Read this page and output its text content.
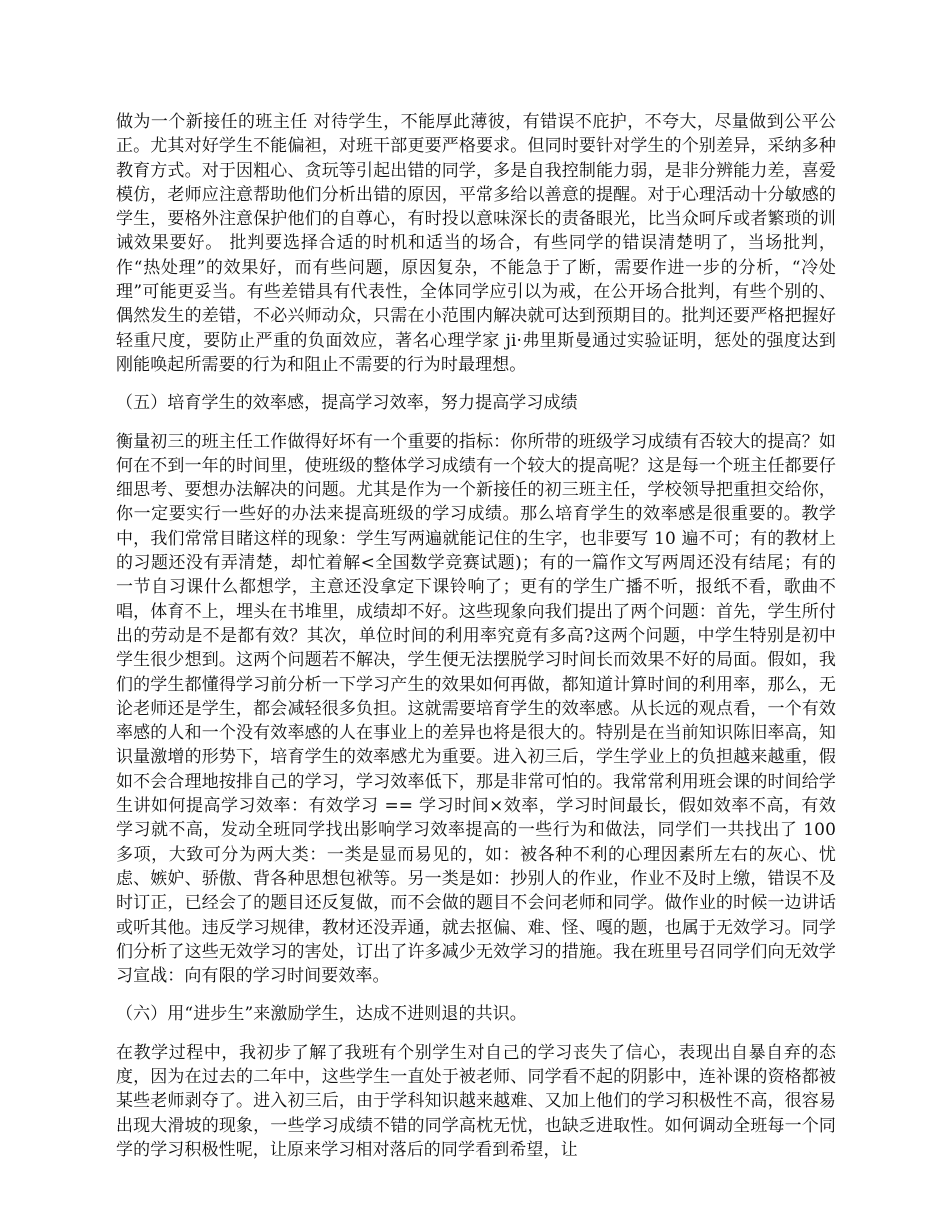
做为一个新接任的班主任 对待学生，不能厚此薄彼，有错误不庇护，不夸大，尽量做到公平公正。尤其对好学生不能偏袒，对班干部更要严格要求。但同时要针对学生的个别差异，采纳多种教育方式。对于因粗心、贪玩等引起出错的同学，多是自我控制能力弱，是非分辨能力差，喜爱模仿，老师应注意帮助他们分析出错的原因，平常多给以善意的提醒。对于心理活动十分敏感的学生，要格外注意保护他们的自尊心，有时投以意味深长的责备眼光，比当众呵斥或者繁琐的训诫效果要好。 批判要选择合适的时机和适当的场合，有些同学的错误清楚明了，当场批判，作“热处理”的效果好，而有些问题，原因复杂，不能急于了断，需要作进一步的分析，“冷处理”可能更妥当。有些差错具有代表性，全体同学应引以为戒，在公开场合批判，有些个别的、偶然发生的差错，不必兴师动众，只需在小范围内解决就可达到预期目的。批判还要严格把握好轻重尺度，要防止严重的负面效应，著名心理学家 ji·弗里斯曼通过实验证明，惩处的强度达到刚能唤起所需要的行为和阻止不需要的行为时最理想。

（五）培育学生的效率感，提高学习效率，努力提高学习成绩

衡量初三的班主任工作做得好坏有一个重要的指标：你所带的班级学习成绩有否较大的提高？如何在不到一年的时间里，使班级的整体学习成绩有一个较大的提高呢？这是每一个班主任都要仔细思考、要想办法解决的问题。尤其是作为一个新接任的初三班主任，学校领导把重担交给你，你一定要实行一些好的办法来提高班级的学习成绩。那么培育学生的效率感是很重要的。教学中，我们常常目睹这样的现象：学生写两遍就能记住的生字，也非要写 10 遍不可；有的教材上的习题还没有弄清楚，却忙着解<全国数学竞赛试题)；有的一篇作文写两周还没有结尾；有的一节自习课什么都想学，主意还没拿定下课铃响了；更有的学生广播不听，报纸不看，歌曲不唱，体育不上，埋头在书堆里，成绩却不好。这些现象向我们提出了两个问题：首先，学生所付出的劳动是不是都有效？其次，单位时间的利用率究竟有多高?这两个问题，中学生特别是初中学生很少想到。这两个问题若不解决，学生便无法摆脱学习时间长而效果不好的局面。假如，我们的学生都懂得学习前分析一下学习产生的效果如何再做，都知道计算时间的利用率，那么，无论老师还是学生，都会减轻很多负担。这就需要培育学生的效率感。从长远的观点看，一个有效率感的人和一个没有效率感的人在事业上的差异也将是很大的。特别是在当前知识陈旧率高，知识量激增的形势下，培育学生的效率感尤为重要。进入初三后，学生学业上的负担越来越重，假如不会合理地按排自己的学习，学习效率低下，那是非常可怕的。我常常利用班会课的时间给学生讲如何提高学习效率：有效学习 == 学习时间×效率，学习时间最长，假如效率不高，有效学习就不高，发动全班同学找出影响学习效率提高的一些行为和做法，同学们一共找出了 100 多项，大致可分为两大类：一类是显而易见的，如：被各种不利的心理因素所左右的灰心、忧虑、嫉妒、骄傲、背各种思想包袱等。另一类是如：抄别人的作业，作业不及时上缴，错误不及时订正，已经会了的题目还反复做，而不会做的题目不会问老师和同学。做作业的时候一边讲话或听其他。违反学习规律，教材还没弄通，就去抠偏、难、怪、嘎的题，也属于无效学习。同学们分析了这些无效学习的害处，订出了许多减少无效学习的措施。我在班里号召同学们向无效学习宣战：向有限的学习时间要效率。

（六）用“进步生”来激励学生，达成不进则退的共识。

在教学过程中，我初步了解了我班有个别学生对自己的学习丧失了信心，表现出自暴自弃的态度，因为在过去的二年中，这些学生一直处于被老师、同学看不起的阴影中，连补课的资格都被某些老师剥夺了。进入初三后，由于学科知识越来越难、又加上他们的学习积极性不高，很容易出现大滑坡的现象，一些学习成绩不错的同学高枕无忧，也缺乏进取性。如何调动全班每一个同学的学习积极性呢，让原来学习相对落后的同学看到希望，让
